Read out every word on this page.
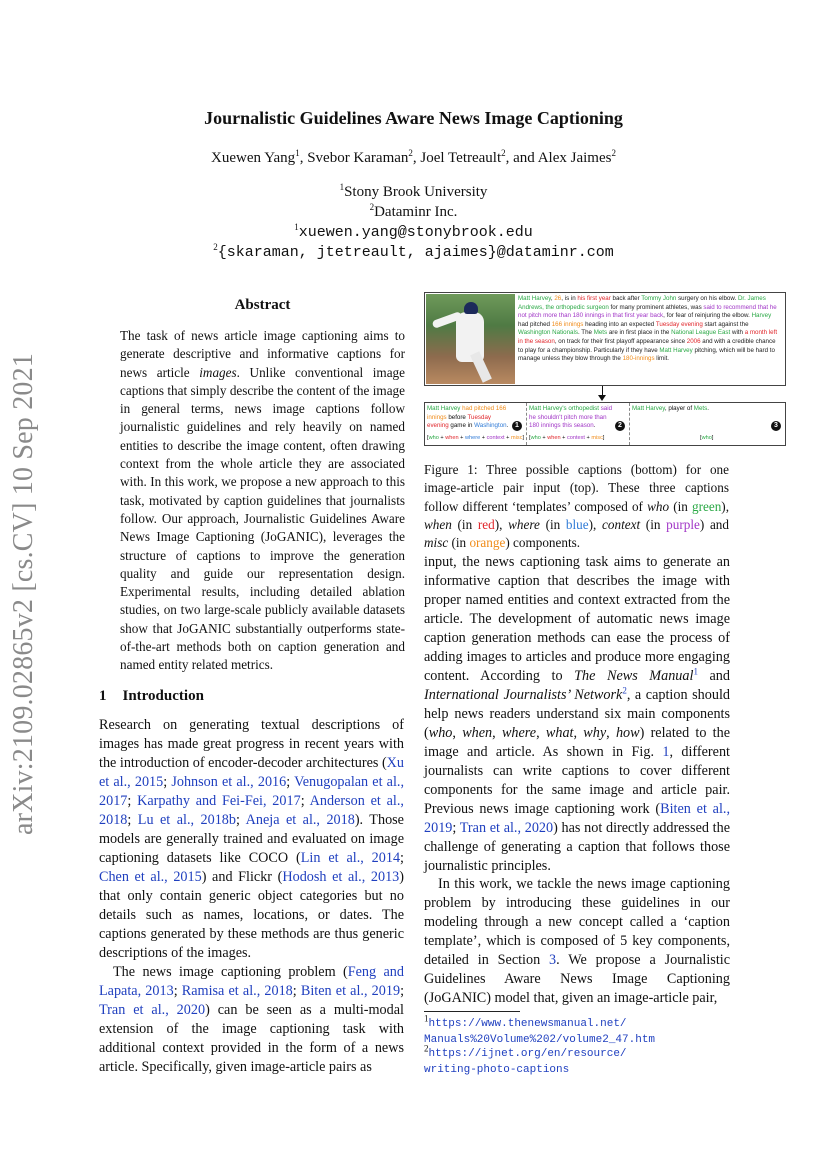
arXiv:2109.02865v2 [cs.CV] 10 Sep 2021
Journalistic Guidelines Aware News Image Captioning
Xuewen Yang$^1$, Svebor Karaman$^2$, Joel Tetreault$^2$, and Alex Jaimes$^2$
$^1$Stony Brook University
$^2$Dataminr Inc.
$^1$xuewen.yang@stonybrook.edu
$^2${skaraman, jtetreault, ajaimes}@dataminr.com
Abstract
The task of news article image captioning aims to generate descriptive and informative captions for news article images. Unlike conventional image captions that simply describe the content of the image in general terms, news image captions follow journalistic guidelines and rely heavily on named entities to describe the image content, often drawing context from the whole article they are associated with. In this work, we propose a new approach to this task, motivated by caption guidelines that journalists follow. Our approach, Journalistic Guidelines Aware News Image Captioning (JoGANIC), leverages the structure of captions to improve the generation quality and guide our representation design. Experimental results, including detailed ablation studies, on two large-scale publicly available datasets show that JoGANIC substantially outperforms state-of-the-art methods both on caption generation and named entity related metrics.
1 Introduction
Research on generating textual descriptions of images has made great progress in recent years with the introduction of encoder-decoder architectures (Xu et al., 2015; Johnson et al., 2016; Venugopalan et al., 2017; Karpathy and Fei-Fei, 2017; Anderson et al., 2018; Lu et al., 2018b; Aneja et al., 2018). Those models are generally trained and evaluated on image captioning datasets like COCO (Lin et al., 2014; Chen et al., 2015) and Flickr (Hodosh et al., 2013) that only contain generic object categories but no details such as names, locations, or dates. The captions generated by these methods are thus generic descriptions of the images.
The news image captioning problem (Feng and Lapata, 2013; Ramisa et al., 2018; Biten et al., 2019; Tran et al., 2020) can be seen as a multi-modal extension of the image captioning task with additional context provided in the form of a news article. Specifically, given image-article pairs as
Matt Harvey, 26, is in his first year back after Tommy John surgery on his elbow. Dr. James Andrews, the orthopedic surgeon for many prominent athletes, was said to recommend that he not pitch more than 180 innings in that first year back, for fear of reinjuring the elbow. Harvey had pitched 166 innings heading into an expected Tuesday evening start against the Washington Nationals. The Mets are in first place in the National League East with a month left in the season, on track for their first playoff appearance since 2006 and with a credible chance to play for a championship. Particularly if they have Matt Harvey pitching, which will be hard to manage unless they blow through the 180-innings limit.
Matt Harvey had pitched 166 innings before Tuesday evening game in Washington.
[who + when + where + context + misc]
1
Matt Harvey's orthopedist said he shouldn't pitch more than 180 innings this season.
[who + when + context + misc]
2
Matt Harvey, player of Mets.
[who]
3
Figure 1: Three possible captions (bottom) for one image-article pair input (top). These three captions follow different ‘templates’ composed of who (in green), when (in red), where (in blue), context (in purple) and misc (in orange) components.
input, the news captioning task aims to generate an informative caption that describes the image with proper named entities and context extracted from the article. The development of automatic news image caption generation methods can ease the process of adding images to articles and produce more engaging content. According to The News Manual$^1$ and International Journalists’ Network$^2$, a caption should help news readers understand six main components (who, when, where, what, why, how) related to the image and article. As shown in Fig. 1, different journalists can write captions to cover different components for the same image and article pair. Previous news image captioning work (Biten et al., 2019; Tran et al., 2020) has not directly addressed the challenge of generating a caption that follows those journalistic principles.
In this work, we tackle the news image captioning problem by introducing these guidelines in our modeling through a new concept called a ‘caption template’, which is composed of 5 key components, detailed in Section 3. We propose a Journalistic Guidelines Aware News Image Captioning (JoGANIC) model that, given an image-article pair,
$^1$https://www.thenewsmanual.net/
Manuals%20Volume%202/volume2_47.htm
$^2$https://ijnet.org/en/resource/
writing-photo-captions
